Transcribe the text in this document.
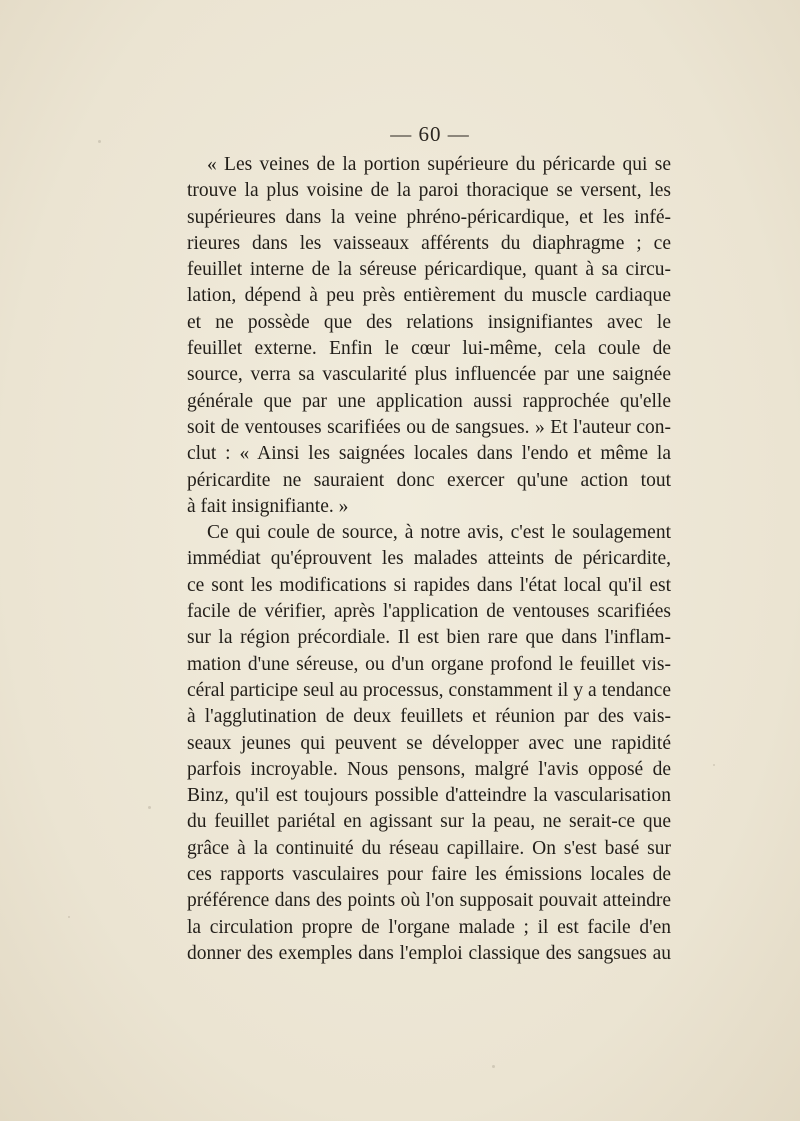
— 60 —
« Les veines de la portion supérieure du péricarde qui se
trouve la plus voisine de la paroi thoracique se versent, les
supérieures dans la veine phréno-péricardique, et les infé-
rieures dans les vaisseaux afférents du diaphragme ; ce
feuillet interne de la séreuse péricardique, quant à sa circu-
lation, dépend à peu près entièrement du muscle cardiaque
et ne possède que des relations insignifiantes avec le
feuillet externe. Enfin le cœur lui-même, cela coule de
source, verra sa vascularité plus influencée par une saignée
générale que par une application aussi rapprochée qu'elle
soit de ventouses scarifiées ou de sangsues. » Et l'auteur con-
clut : « Ainsi les saignées locales dans l'endo et même la
péricardite ne sauraient donc exercer qu'une action tout
à fait insignifiante. »
Ce qui coule de source, à notre avis, c'est le soulagement
immédiat qu'éprouvent les malades atteints de péricardite,
ce sont les modifications si rapides dans l'état local qu'il est
facile de vérifier, après l'application de ventouses scarifiées
sur la région précordiale. Il est bien rare que dans l'inflam-
mation d'une séreuse, ou d'un organe profond le feuillet vis-
céral participe seul au processus, constamment il y a tendance
à l'agglutination de deux feuillets et réunion par des vais-
seaux jeunes qui peuvent se développer avec une rapidité
parfois incroyable. Nous pensons, malgré l'avis opposé de
Binz, qu'il est toujours possible d'atteindre la vascularisation
du feuillet pariétal en agissant sur la peau, ne serait-ce que
grâce à la continuité du réseau capillaire. On s'est basé sur
ces rapports vasculaires pour faire les émissions locales de
préférence dans des points où l'on supposait pouvait atteindre
la circulation propre de l'organe malade ; il est facile d'en
donner des exemples dans l'emploi classique des sangsues au
